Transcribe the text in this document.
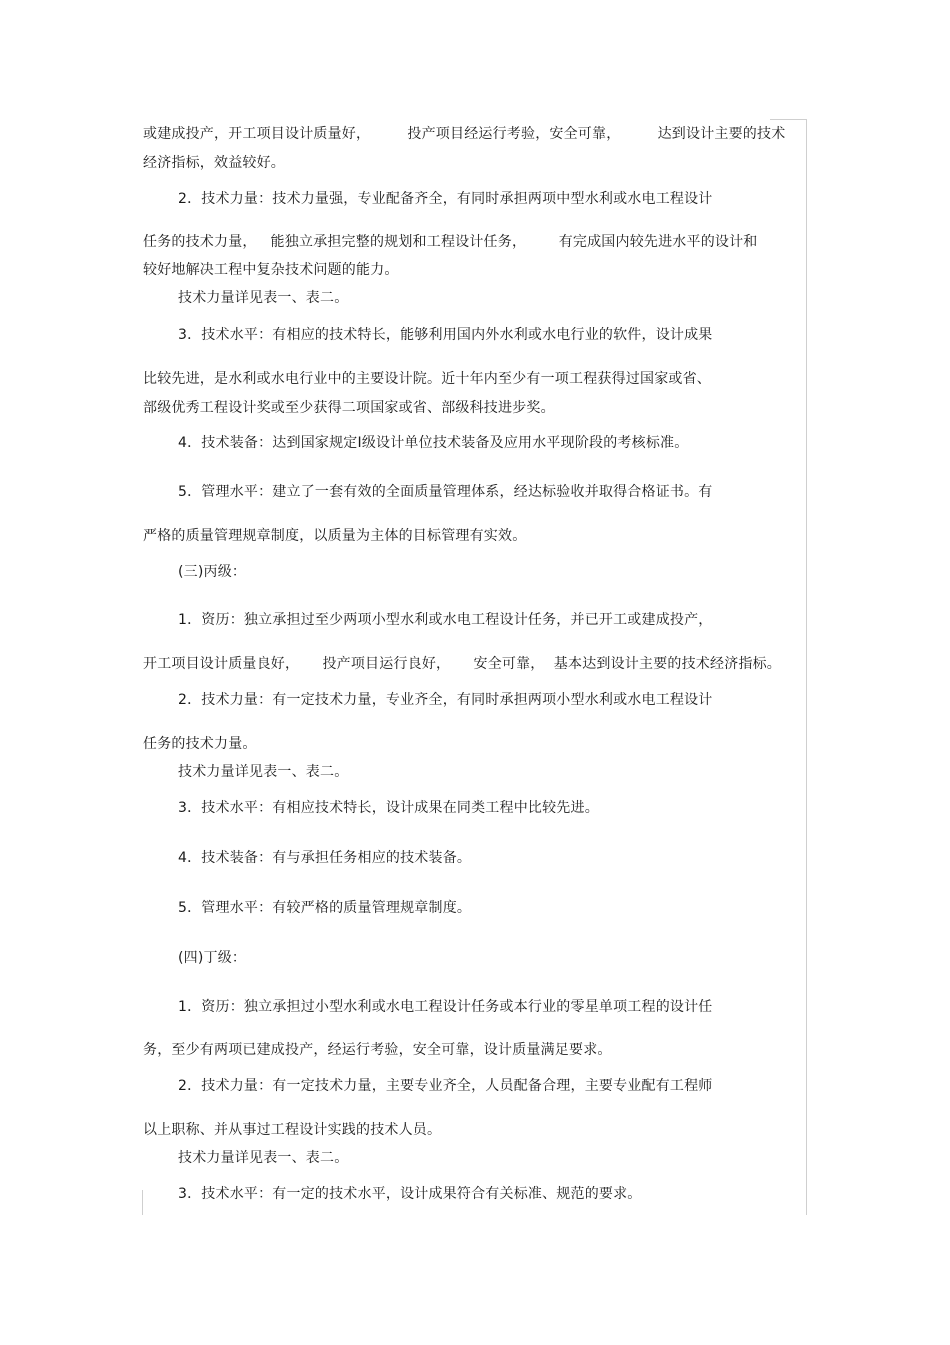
或建成投产，开工项目设计质量好，        投产项目经运行考验，安全可靠，        达到设计主要的技术
经济指标，效益较好。
2．技术力量：技术力量强，专业配备齐全，有同时承担两项中型水利或水电工程设计
任务的技术力量，   能独立承担完整的规划和工程设计任务，       有完成国内较先进水平的设计和
较好地解决工程中复杂技术问题的能力。
技术力量详见表一、表二。
3．技术水平：有相应的技术特长，能够利用国内外水利或水电行业的软件，设计成果
比较先进，是水利或水电行业中的主要设计院。近十年内至少有一项工程获得过国家或省、
部级优秀工程设计奖或至少获得二项国家或省、部级科技进步奖。
4．技术装备：达到国家规定Ⅰ级设计单位技术装备及应用水平现阶段的考核标准。
5．管理水平：建立了一套有效的全面质量管理体系，经达标验收并取得合格证书。有
严格的质量管理规章制度，以质量为主体的目标管理有实效。
(三)丙级：
1．资历：独立承担过至少两项小型水利或水电工程设计任务，并已开工或建成投产，
开工项目设计质量良好，     投产项目运行良好，     安全可靠，  基本达到设计主要的技术经济指标。
2．技术力量：有一定技术力量，专业齐全，有同时承担两项小型水利或水电工程设计
任务的技术力量。
技术力量详见表一、表二。
3．技术水平：有相应技术特长，设计成果在同类工程中比较先进。
4．技术装备：有与承担任务相应的技术装备。
5．管理水平：有较严格的质量管理规章制度。
(四)丁级：
1．资历：独立承担过小型水利或水电工程设计任务或本行业的零星单项工程的设计任
务，至少有两项已建成投产，经运行考验，安全可靠，设计质量满足要求。
2．技术力量：有一定技术力量，主要专业齐全，人员配备合理，主要专业配有工程师
以上职称、并从事过工程设计实践的技术人员。
技术力量详见表一、表二。
3．技术水平：有一定的技术水平，设计成果符合有关标准、规范的要求。
